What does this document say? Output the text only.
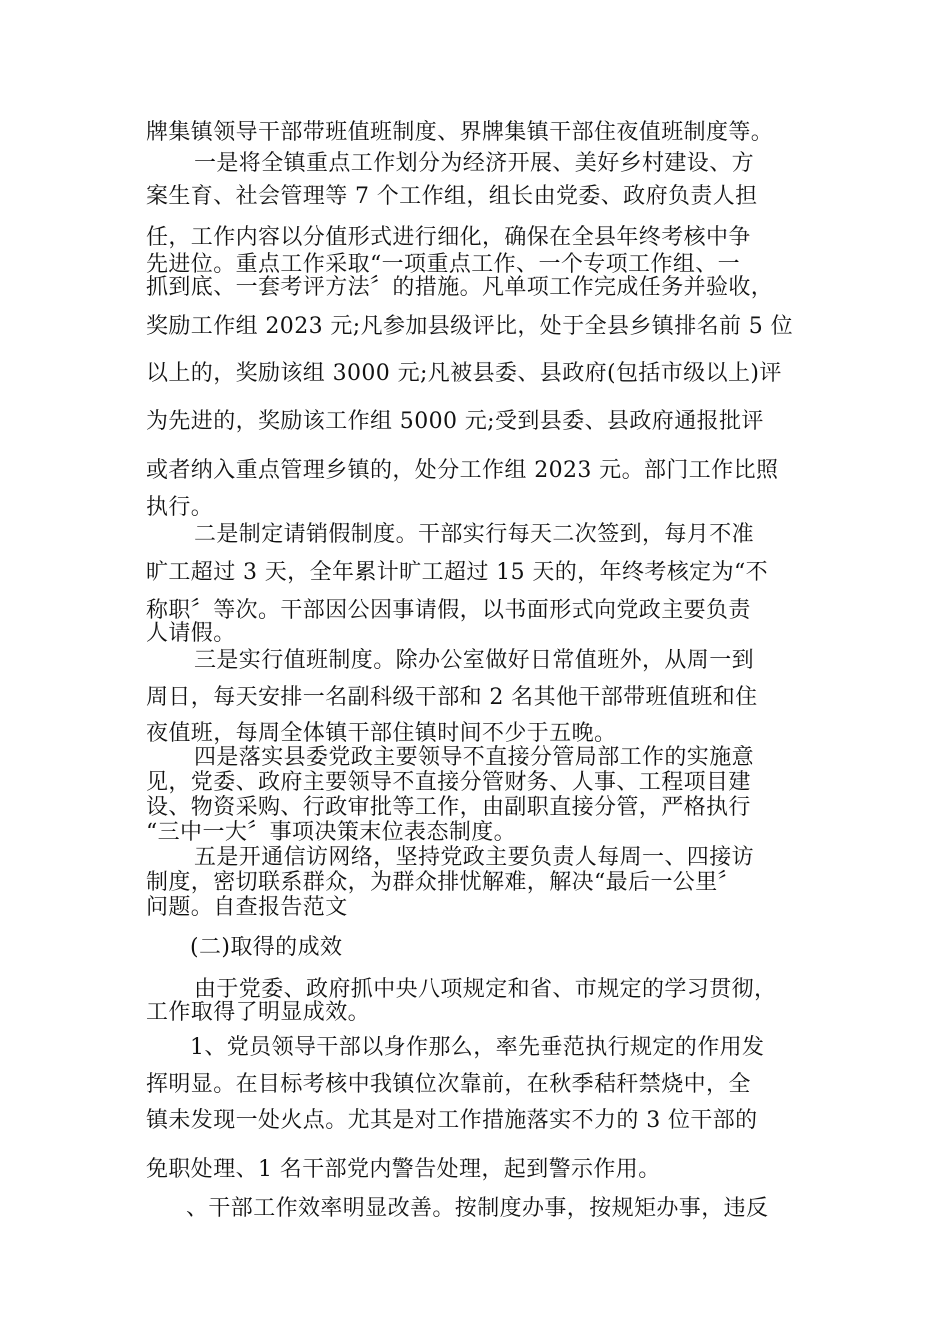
牌集镇领导干部带班值班制度、界牌集镇干部住夜值班制度等。
一是将全镇重点工作划分为经济开展、美好乡村建设、方
案生育、社会管理等 7 个工作组，组长由党委、政府负责人担
任，工作内容以分值形式进行细化，确保在全县年终考核中争
先进位。重点工作采取“一项重点工作、一个专项工作组、一
抓到底、一套考评方法〞的措施。凡单项工作完成任务并验收，
奖励工作组 2023 元;凡参加县级评比，处于全县乡镇排名前 5 位
以上的，奖励该组 3000 元;凡被县委、县政府(包括市级以上)评
为先进的，奖励该工作组 5000 元;受到县委、县政府通报批评
或者纳入重点管理乡镇的，处分工作组 2023 元。部门工作比照
执行。
二是制定请销假制度。干部实行每天二次签到，每月不准
旷工超过 3 天，全年累计旷工超过 15 天的，年终考核定为“不
称职〞等次。干部因公因事请假，以书面形式向党政主要负责
人请假。
三是实行值班制度。除办公室做好日常值班外，从周一到
周日，每天安排一名副科级干部和 2 名其他干部带班值班和住
夜值班，每周全体镇干部住镇时间不少于五晚。
四是落实县委党政主要领导不直接分管局部工作的实施意
见，党委、政府主要领导不直接分管财务、人事、工程项目建
设、物资采购、行政审批等工作，由副职直接分管，严格执行
“三中一大〞事项决策末位表态制度。
五是开通信访网络，坚持党政主要负责人每周一、四接访
制度，密切联系群众，为群众排忧解难，解决“最后一公里〞
问题。自查报告范文
(二)取得的成效
由于党委、政府抓中央八项规定和省、市规定的学习贯彻，
工作取得了明显成效。
1、党员领导干部以身作那么，率先垂范执行规定的作用发
挥明显。在目标考核中我镇位次靠前，在秋季秸秆禁烧中，全
镇未发现一处火点。尤其是对工作措施落实不力的 3 位干部的
免职处理、1 名干部党内警告处理，起到警示作用。
、干部工作效率明显改善。按制度办事，按规矩办事，违反
